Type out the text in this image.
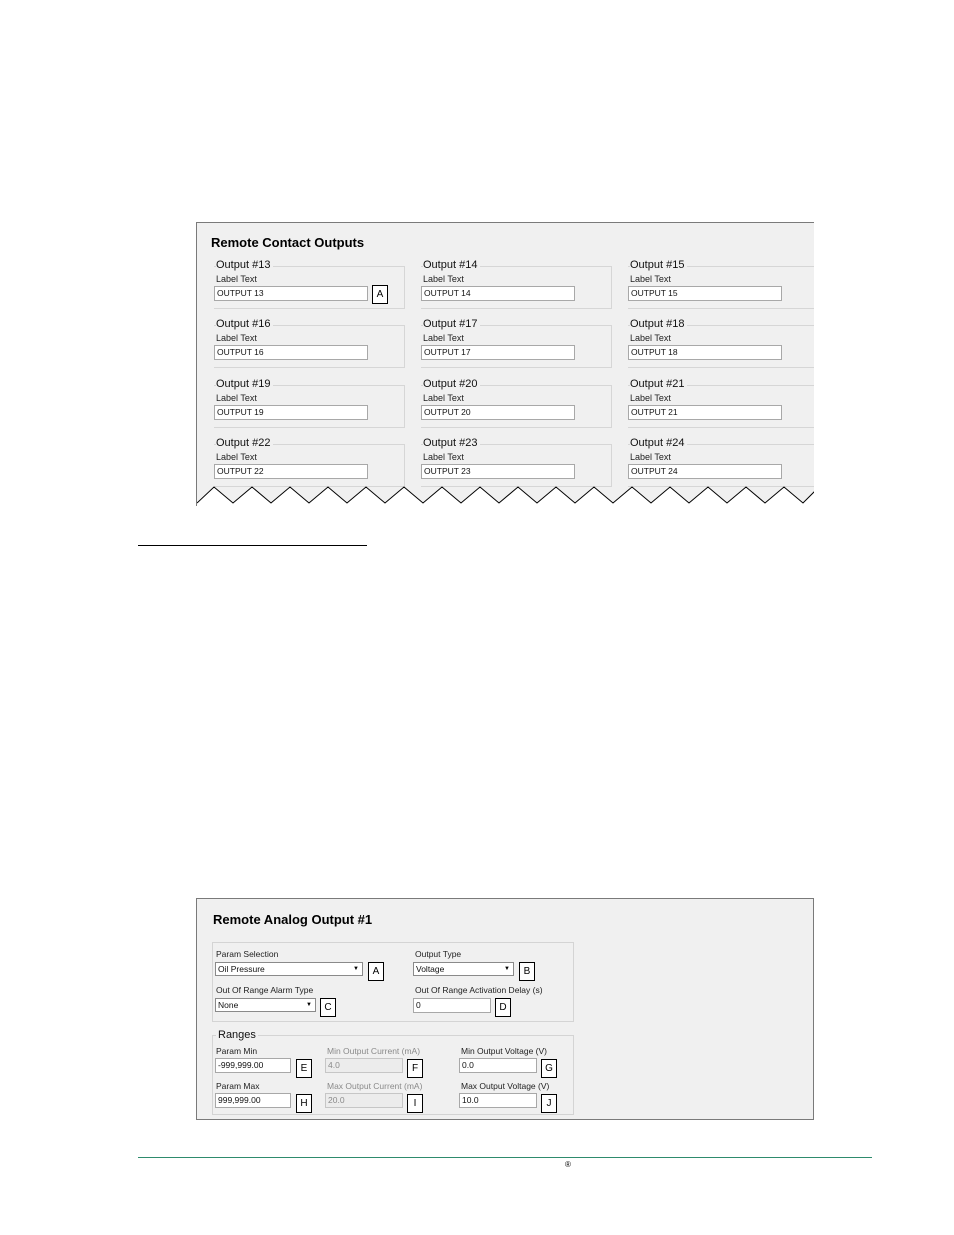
Remote Contact Outputs
Output #13
Label Text
OUTPUT 13	A
Output #14
Label Text
OUTPUT 14
Output #15
Label Text
OUTPUT 15
Output #16
Label Text
OUTPUT 16
Output #17
Label Text
OUTPUT 17
Output #18
Label Text
OUTPUT 18
Output #19
Label Text
OUTPUT 19
Output #20
Label Text
OUTPUT 20
Output #21
Label Text
OUTPUT 21
Output #22
Label Text
OUTPUT 22
Output #23
Label Text
OUTPUT 23
Output #24
Label Text
OUTPUT 24
Remote Analog Output #1
Param Selection
Oil Pressure	▼	A
Output Type
Voltage	▼	B
Out Of Range Alarm Type
None	▼	C
Out Of Range Activation Delay (s)
0	D
Ranges
Param Min
-999,999.00	E
Min Output Current (mA)
4.0	F
Min Output Voltage (V)
0.0	G
Param Max
999,999.00	H
Max Output Current (mA)
20.0	I
Max Output Voltage (V)
10.0	J
®
